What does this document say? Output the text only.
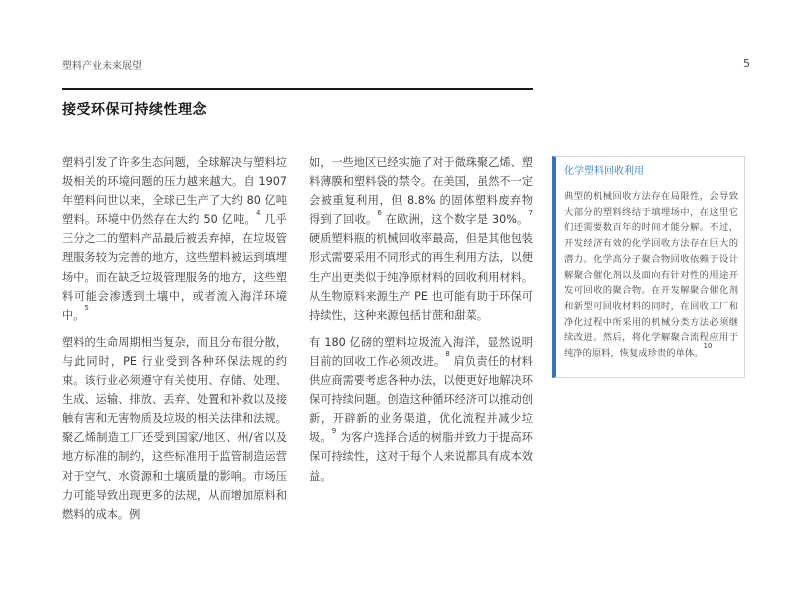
塑料产业未来展望	5
接受环保可持续性理念

塑料引发了许多生态问题，全球解决与塑料垃圾相关的环境问题的压力越来越大。自 1907 年塑料问世以来，全球已生产了大约 80 亿吨塑料。环境中仍然存在大约 50 亿吨。$^4$ 几乎三分之二的塑料产品最后被丢弃掉，在垃圾管理服务较为完善的地方，这些塑料被运到填埋场中。而在缺乏垃圾管理服务的地方，这些塑料可能会渗透到土壤中，或者流入海洋环境中。$^5$

塑料的生命周期相当复杂，而且分布很分散，与此同时，PE 行业受到各种环保法规的约束。该行业必须遵守有关使用、存储、处理、生成、运输、排放、丢弃、处置和补救以及接触有害和无害物质及垃圾的相关法律和法规。聚乙烯制造工厂还受到国家/地区、州/省以及地方标准的制约，这些标准用于监管制造运营对于空气、水资源和土壤质量的影响。市场压力可能导致出现更多的法规，从而增加原料和燃料的成本。例

如，一些地区已经实施了对于微珠聚乙烯、塑料薄膜和塑料袋的禁令。在美国，虽然不一定会被重复利用，但 8.8% 的固体塑料废弃物得到了回收。$^6$ 在欧洲，这个数字是 30%。$^7$ 硬质塑料瓶的机械回收率最高，但是其他包装形式需要采用不同形式的再生利用方法，以便生产出更类似于纯净原材料的回收利用材料。从生物原料来源生产 PE 也可能有助于环保可持续性，这种来源包括甘蔗和甜菜。

有 180 亿磅的塑料垃圾流入海洋，显然说明目前的回收工作必须改进。$^8$ 肩负责任的材料供应商需要考虑各种办法，以便更好地解决环保可持续问题。创造这种循环经济可以推动创新，开辟新的业务渠道，优化流程并减少垃圾。$^9$ 为客户选择合适的树脂并致力于提高环保可持续性，这对于每个人来说都具有成本效益。

化学塑料回收利用
典型的机械回收方法存在局限性，会导致大部分的塑料终结于填埋场中，在这里它们还需要数百年的时间才能分解。不过，开发经济有效的化学回收方法存在巨大的潜力。化学高分子聚合物回收依赖于设计解聚合催化剂以及面向有针对性的用途开发可回收的聚合物。在开发解聚合催化剂和新型可回收材料的同时，在回收工厂和净化过程中所采用的机械分类方法必须继续改进。然后，将化学解聚合流程应用于纯净的原料，恢复成珍贵的单体。$^{10}$
